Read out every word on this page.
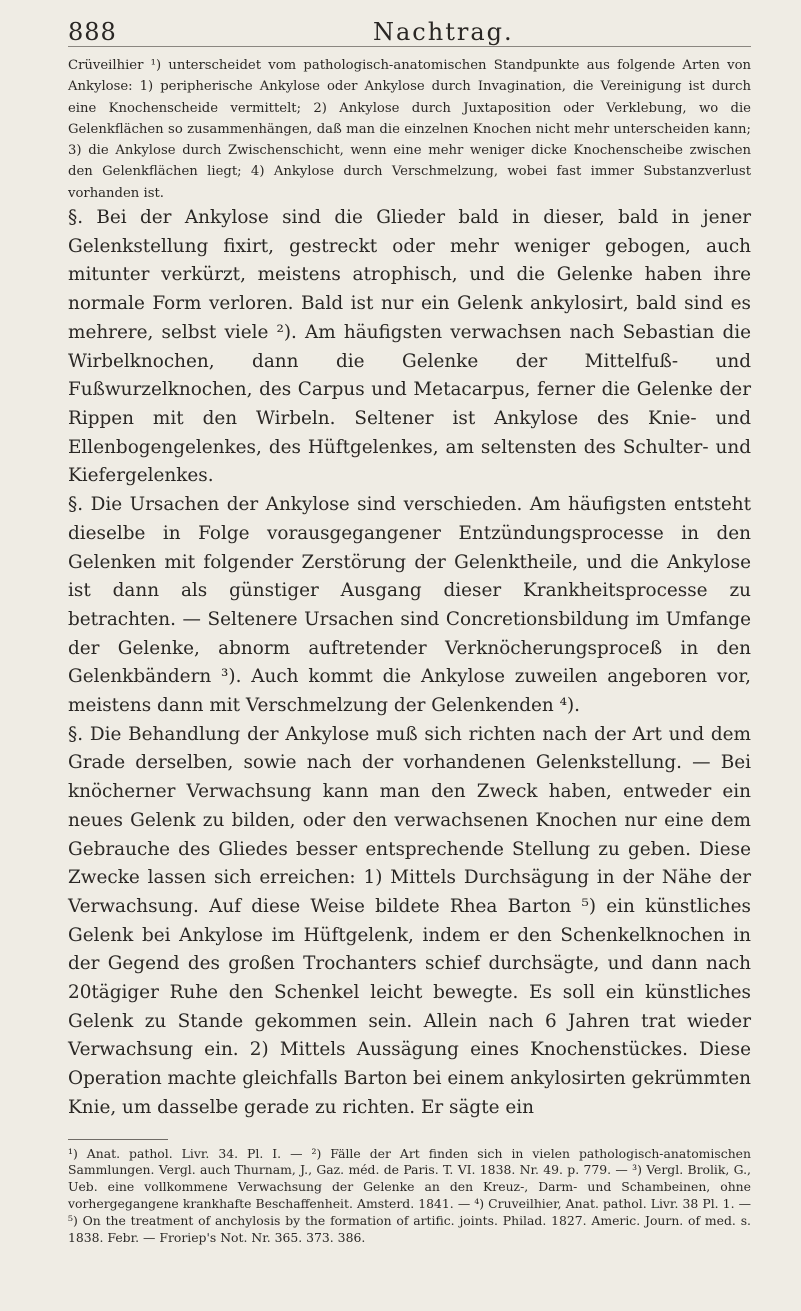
888	Nachtrag.

Crüveilhier ¹) unterscheidet vom pathologisch-anatomischen Standpunkte aus folgende Arten von Ankylose: 1) peripherische Ankylose oder Ankylose durch Invagination, die Vereinigung ist durch eine Knochenscheide vermittelt; 2) Ankylose durch Juxtaposition oder Verklebung, wo die Gelenkflächen so zusammenhängen, daß man die einzelnen Knochen nicht mehr unterscheiden kann; 3) die Ankylose durch Zwischenschicht, wenn eine mehr weniger dicke Knochenscheibe zwischen den Gelenkflächen liegt; 4) Ankylose durch Verschmelzung, wobei fast immer Substanzverlust vorhanden ist.

§. Bei der Ankylose sind die Glieder bald in dieser, bald in jener Gelenkstellung fixirt, gestreckt oder mehr weniger gebogen, auch mitunter verkürzt, meistens atrophisch, und die Gelenke haben ihre normale Form verloren. Bald ist nur ein Gelenk ankylosirt, bald sind es mehrere, selbst viele ²). Am häufigsten verwachsen nach Sebastian die Wirbelknochen, dann die Gelenke der Mittelfuß- und Fußwurzelknochen, des Carpus und Metacarpus, ferner die Gelenke der Rippen mit den Wirbeln. Seltener ist Ankylose des Knie- und Ellenbogengelenkes, des Hüftgelenkes, am seltensten des Schulter- und Kiefergelenkes.

§. Die Ursachen der Ankylose sind verschieden. Am häufigsten entsteht dieselbe in Folge vorausgegangener Entzündungsprocesse in den Gelenken mit folgender Zerstörung der Gelenktheile, und die Ankylose ist dann als günstiger Ausgang dieser Krankheitsprocesse zu betrachten. — Seltenere Ursachen sind Concretionsbildung im Umfange der Gelenke, abnorm auftretender Verknöcherungsproceß in den Gelenkbändern ³). Auch kommt die Ankylose zuweilen angeboren vor, meistens dann mit Verschmelzung der Gelenkenden ⁴).

§. Die Behandlung der Ankylose muß sich richten nach der Art und dem Grade derselben, sowie nach der vorhandenen Gelenkstellung. — Bei knöcherner Verwachsung kann man den Zweck haben, entweder ein neues Gelenk zu bilden, oder den verwachsenen Knochen nur eine dem Gebrauche des Gliedes besser entsprechende Stellung zu geben. Diese Zwecke lassen sich erreichen: 1) Mittels Durchsägung in der Nähe der Verwachsung. Auf diese Weise bildete Rhea Barton ⁵) ein künstliches Gelenk bei Ankylose im Hüftgelenk, indem er den Schenkelknochen in der Gegend des großen Trochanters schief durchsägte, und dann nach 20tägiger Ruhe den Schenkel leicht bewegte. Es soll ein künstliches Gelenk zu Stande gekommen sein. Allein nach 6 Jahren trat wieder Verwachsung ein. 2) Mittels Aussägung eines Knochenstückes. Diese Operation machte gleichfalls Barton bei einem ankylosirten gekrümmten Knie, um dasselbe gerade zu richten. Er sägte ein

¹) Anat. pathol. Livr. 34. Pl. I. — ²) Fälle der Art finden sich in vielen pathologisch-anatomischen Sammlungen. Vergl. auch Thurnam, J., Gaz. méd. de Paris. T. VI. 1838. Nr. 49. p. 779. — ³) Vergl. Brolik, G., Ueb. eine vollkommene Verwachsung der Gelenke an den Kreuz-, Darm- und Schambeinen, ohne vorhergegangene krankhafte Beschaffenheit. Amsterd. 1841. — ⁴) Cruveilhier, Anat. pathol. Livr. 38 Pl. 1. — ⁵) On the treatment of anchylosis by the formation of artific. joints. Philad. 1827. Americ. Journ. of med. s. 1838. Febr. — Froriep's Not. Nr. 365. 373. 386.
